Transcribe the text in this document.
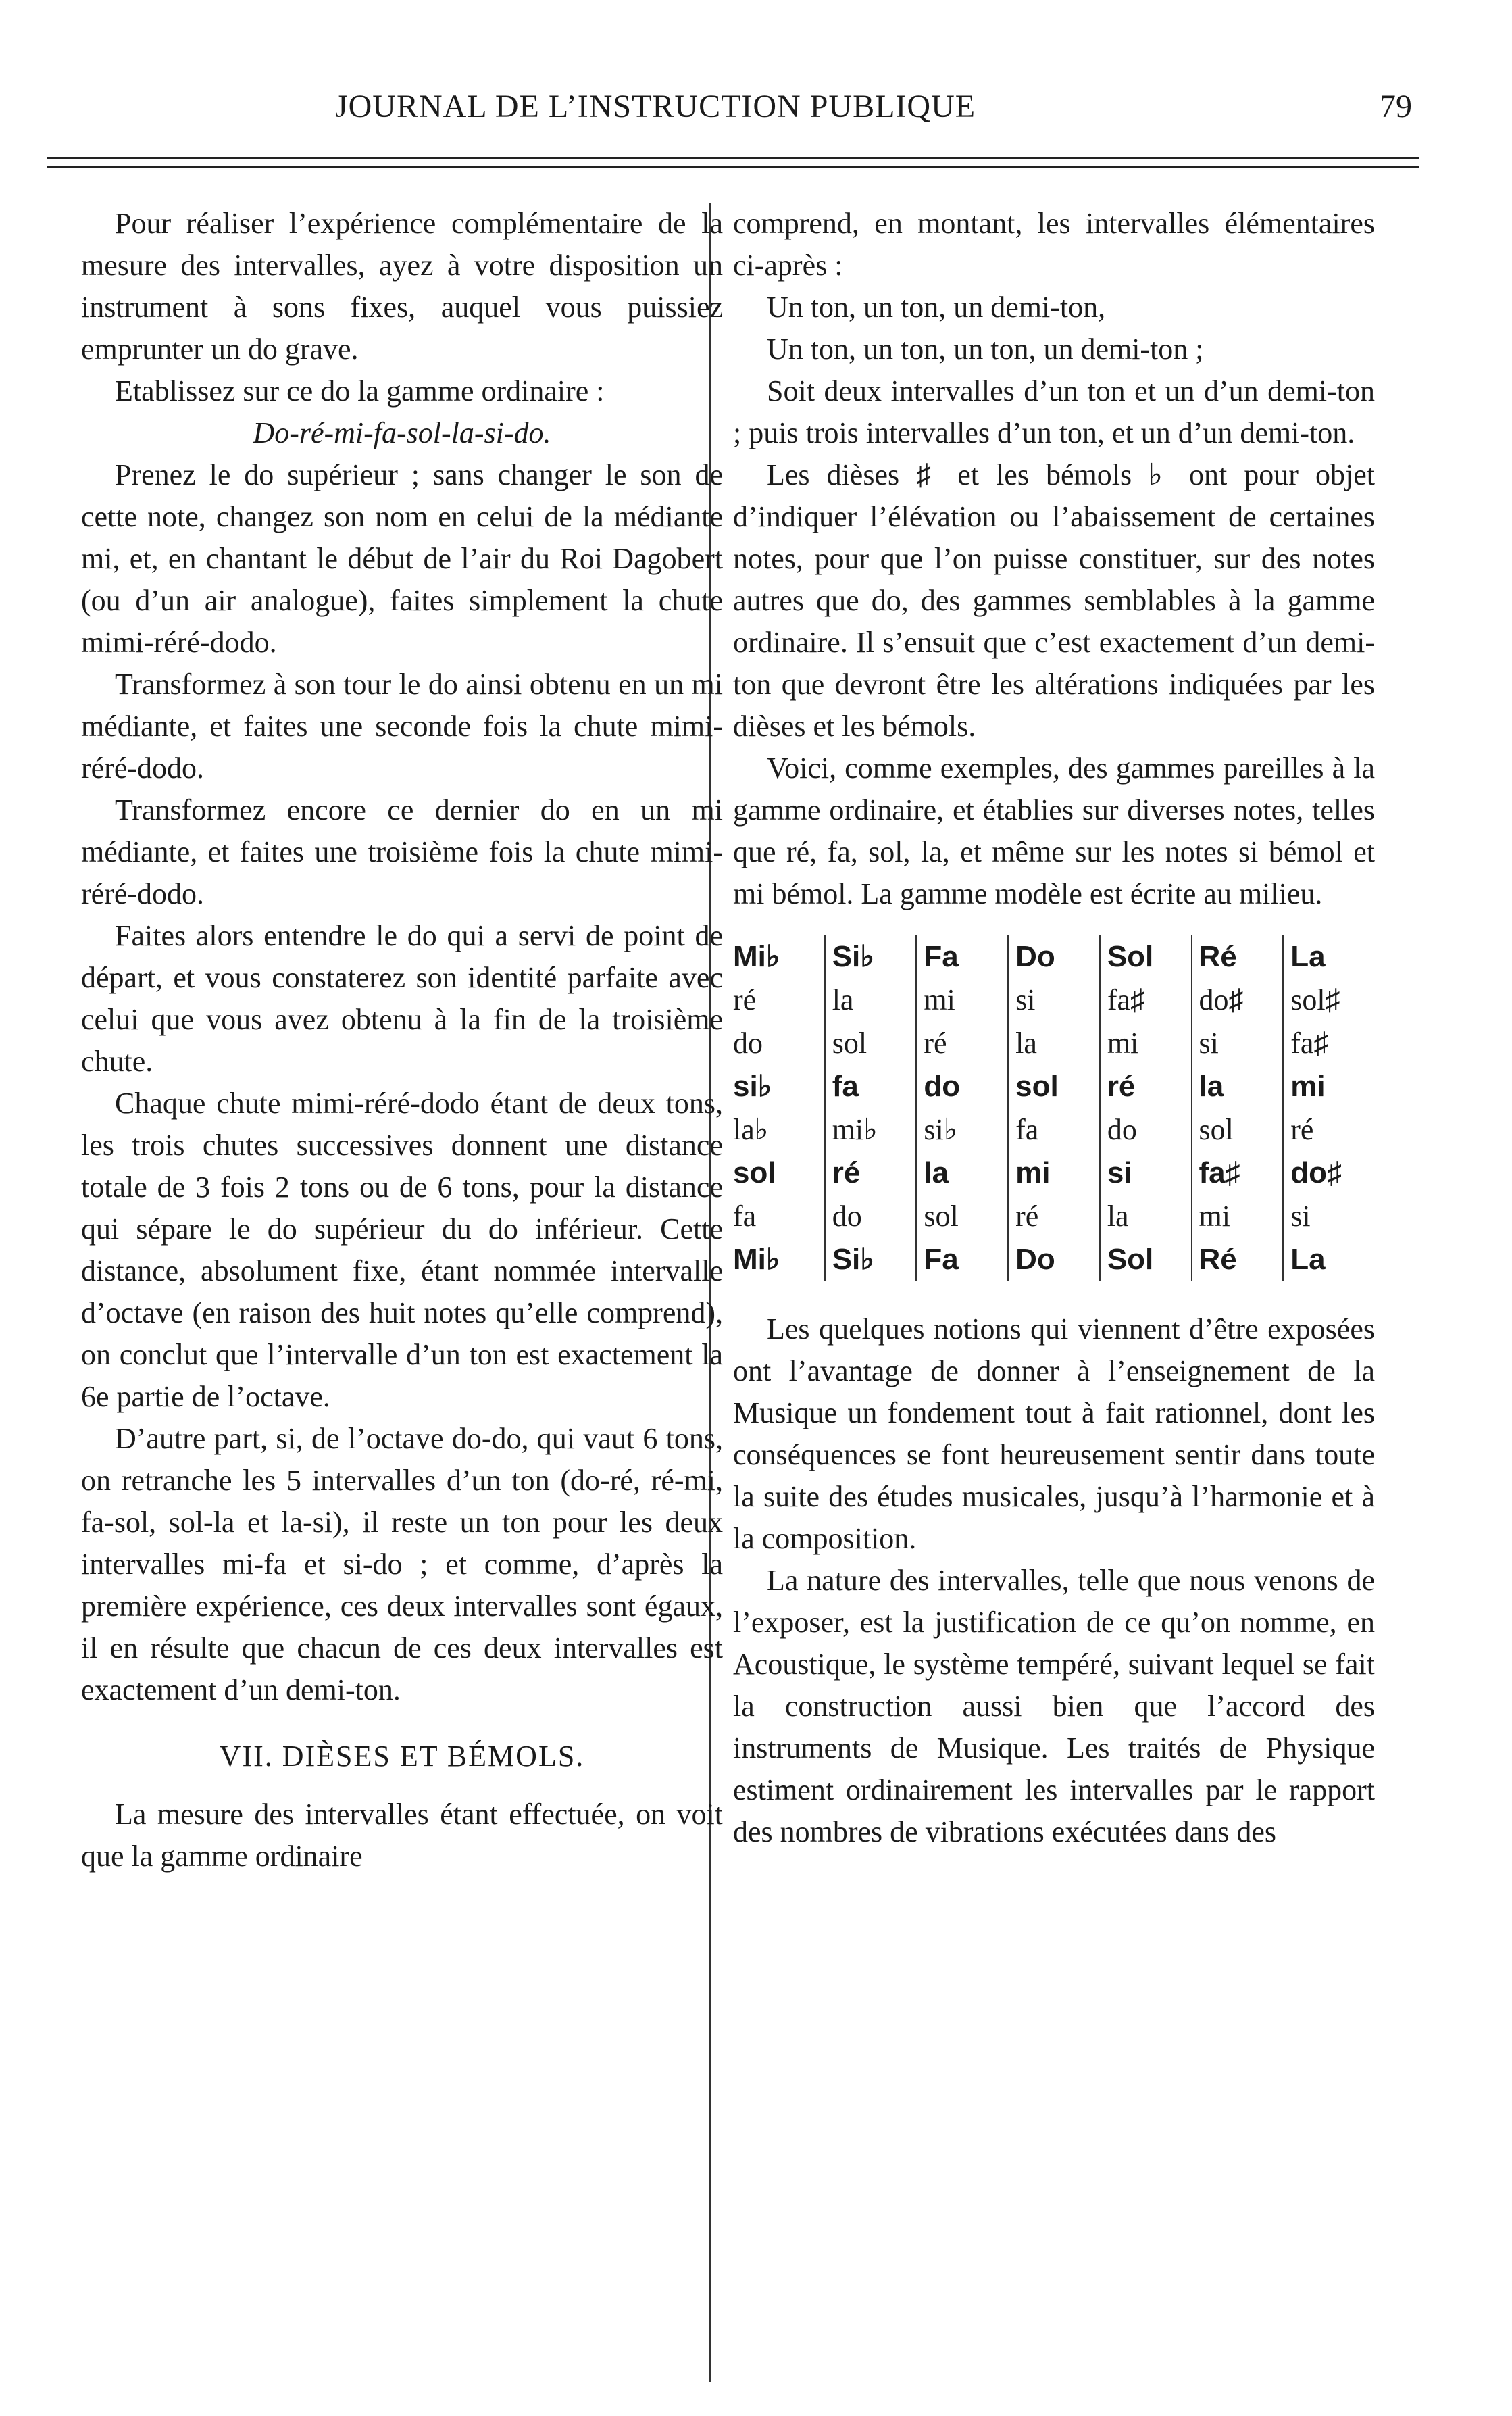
JOURNAL DE L’INSTRUCTION PUBLIQUE	79

Pour réaliser l’expérience complémentaire de la mesure des intervalles, ayez à votre disposition un instrument à sons fixes, auquel vous puissiez emprunter un do grave.

Etablissez sur ce do la gamme ordinaire :

Do-ré-mi-fa-sol-la-si-do.

Prenez le do supérieur ; sans changer le son de cette note, changez son nom en celui de la médiante mi, et, en chantant le début de l’air du Roi Dagobert (ou d’un air analogue), faites simplement la chute mimi-réré-dodo.

Transformez à son tour le do ainsi obtenu en un mi médiante, et faites une seconde fois la chute mimi-réré-dodo.

Transformez encore ce dernier do en un mi médiante, et faites une troisième fois la chute mimi-réré-dodo.

Faites alors entendre le do qui a servi de point de départ, et vous constaterez son identité parfaite avec celui que vous avez obtenu à la fin de la troisième chute.

Chaque chute mimi-réré-dodo étant de deux tons, les trois chutes successives donnent une distance totale de 3 fois 2 tons ou de 6 tons, pour la distance qui sépare le do supérieur du do inférieur. Cette distance, absolument fixe, étant nommée intervalle d’octave (en raison des huit notes qu’elle comprend), on conclut que l’intervalle d’un ton est exactement la 6e partie de l’octave.

D’autre part, si, de l’octave do-do, qui vaut 6 tons, on retranche les 5 intervalles d’un ton (do-ré, ré-mi, fa-sol, sol-la et la-si), il reste un ton pour les deux intervalles mi-fa et si-do ; et comme, d’après la première expérience, ces deux intervalles sont égaux, il en résulte que chacun de ces deux intervalles est exactement d’un demi-ton.

VII. DIÈSES ET BÉMOLS.

La mesure des intervalles étant effectuée, on voit que la gamme ordinaire

comprend, en montant, les intervalles élémentaires ci-après :

Un ton, un ton, un demi-ton,

Un ton, un ton, un ton, un demi-ton ;

Soit deux intervalles d’un ton et un d’un demi-ton ; puis trois intervalles d’un ton, et un d’un demi-ton.

Les dièses ♯ et les bémols ♭ ont pour objet d’indiquer l’élévation ou l’abaissement de certaines notes, pour que l’on puisse constituer, sur des notes autres que do, des gammes semblables à la gamme ordinaire. Il s’ensuit que c’est exactement d’un demi-ton que devront être les altérations indiquées par les dièses et les bémols.

Voici, comme exemples, des gammes pareilles à la gamme ordinaire, et établies sur diverses notes, telles que ré, fa, sol, la, et même sur les notes si bémol et mi bémol. La gamme modèle est écrite au milieu.

Mi♭	Si♭	Fa	Do	Sol	Ré	La
ré	la	mi	si	fa♯	do♯	sol♯
do	sol	ré	la	mi	si	fa♯
si♭	fa	do	sol	ré	la	mi
la♭	mi♭	si♭	fa	do	sol	ré
sol	ré	la	mi	si	fa♯	do♯
fa	do	sol	ré	la	mi	si
Mi♭	Si♭	Fa	Do	Sol	Ré	La

Les quelques notions qui viennent d’être exposées ont l’avantage de donner à l’enseignement de la Musique un fondement tout à fait rationnel, dont les conséquences se font heureusement sentir dans toute la suite des études musicales, jusqu’à l’harmonie et à la composition.

La nature des intervalles, telle que nous venons de l’exposer, est la justification de ce qu’on nomme, en Acoustique, le système tempéré, suivant lequel se fait la construction aussi bien que l’accord des instruments de Musique. Les traités de Physique estiment ordinairement les intervalles par le rapport des nombres de vibrations exécutées dans des
